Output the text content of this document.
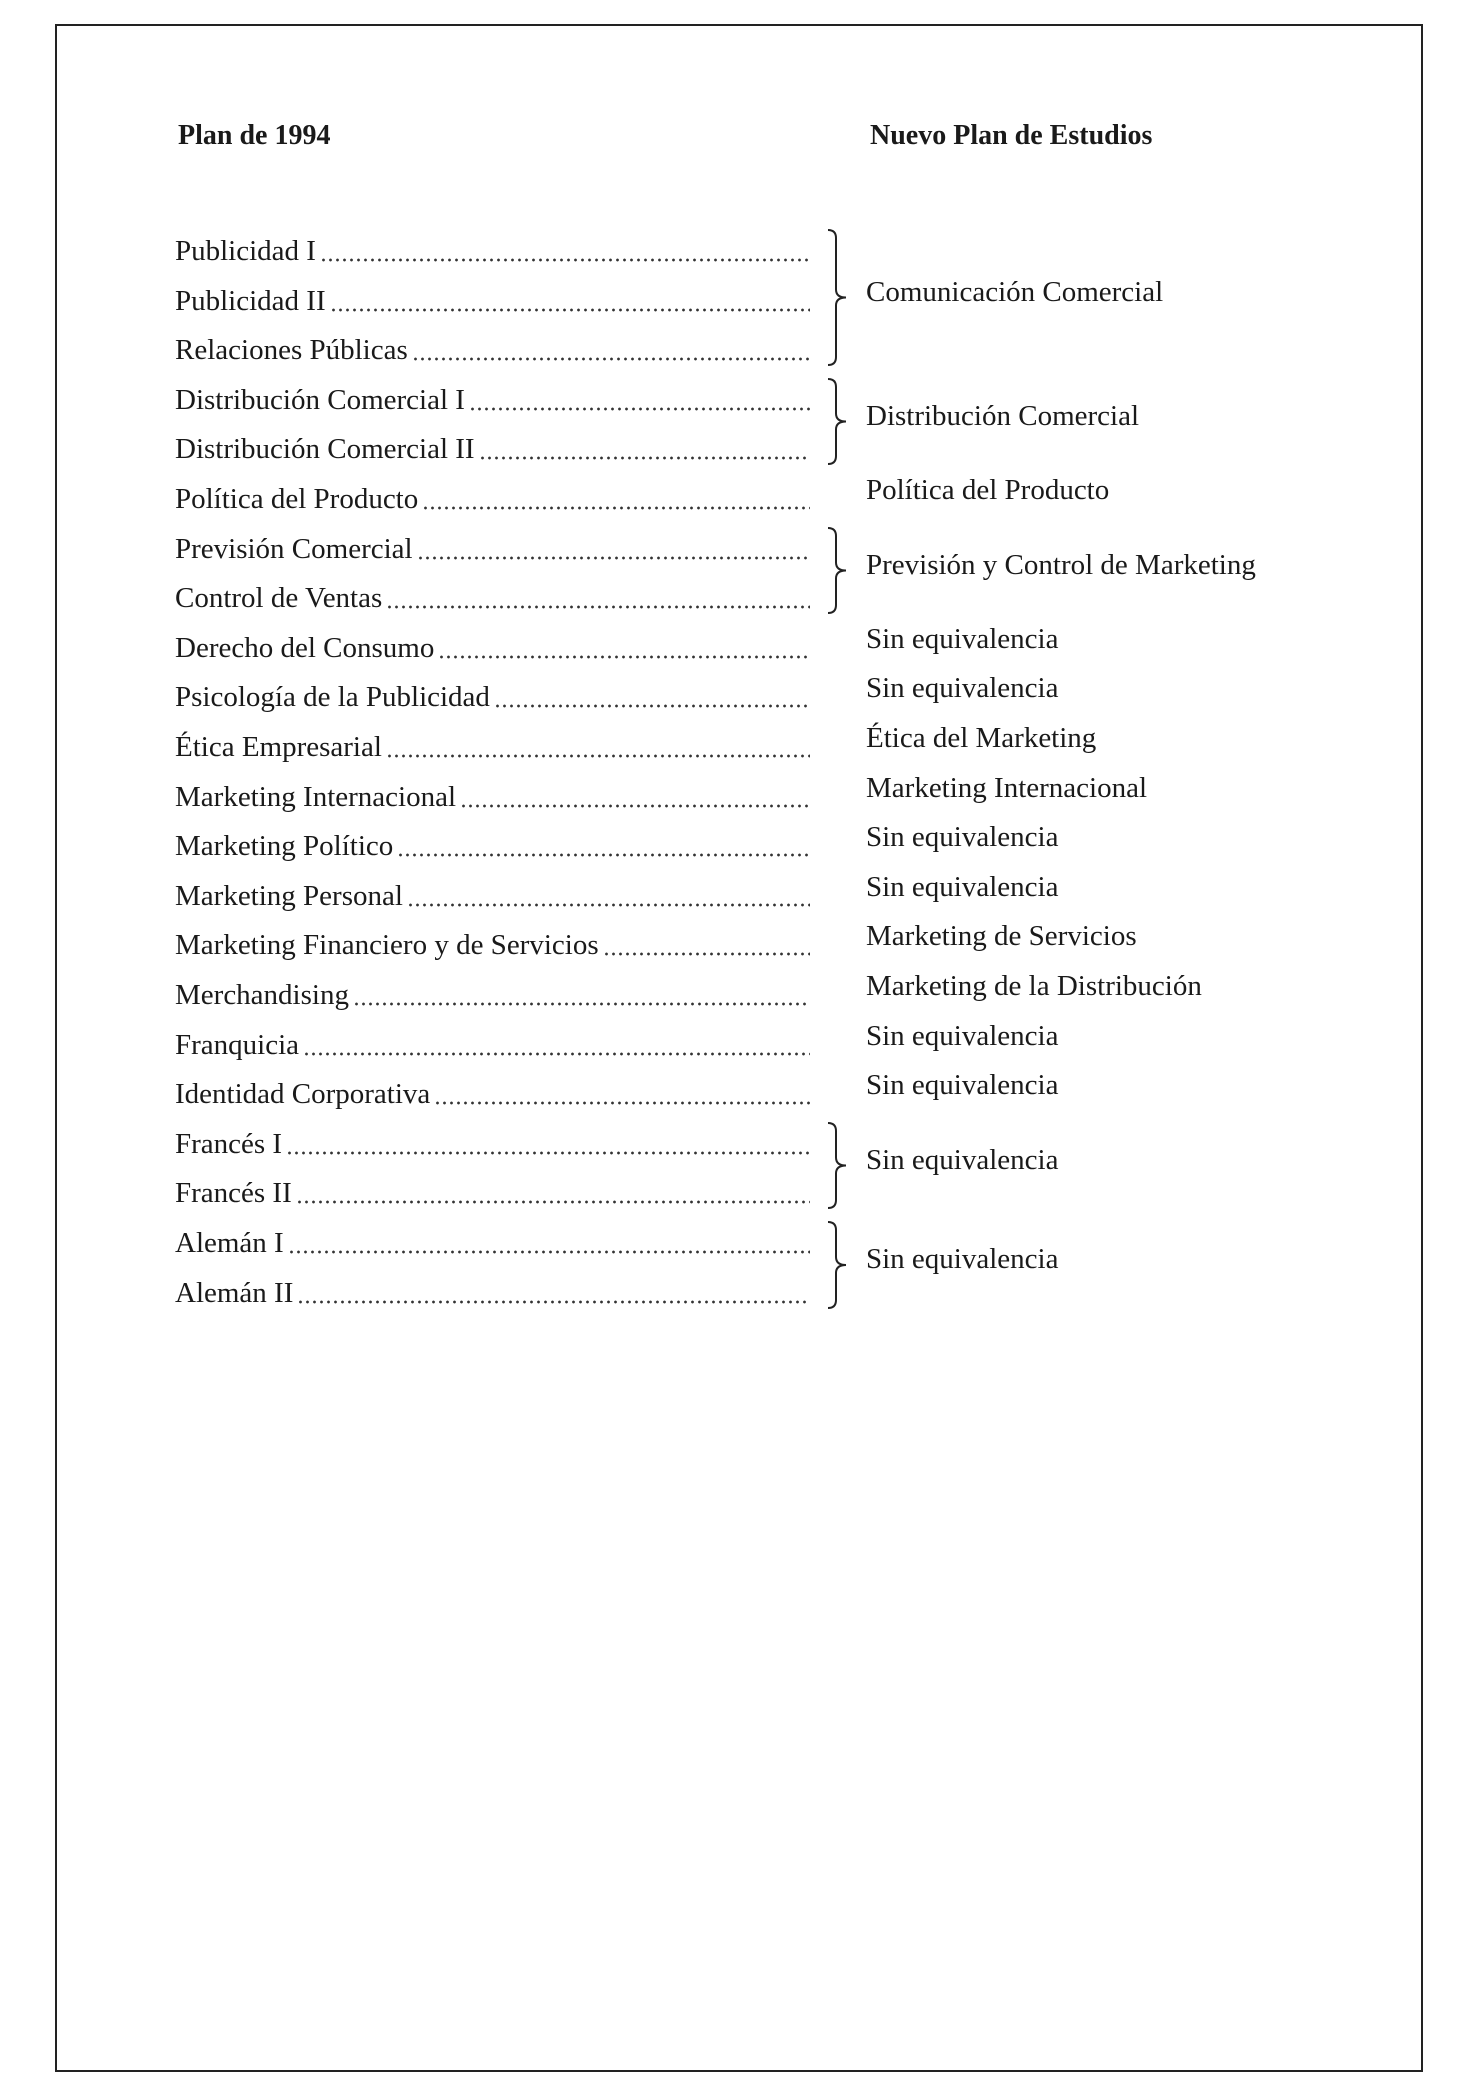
Plan de 1994	Nuevo Plan de Estudios
Publicidad I
Publicidad II
Relaciones Públicas
Distribución Comercial I
Distribución Comercial II
Política del Producto
Previsión Comercial
Control de Ventas
Derecho del Consumo
Psicología de la Publicidad
Ética Empresarial
Marketing Internacional
Marketing Político
Marketing Personal
Marketing Financiero y de Servicios
Merchandising
Franquicia
Identidad Corporativa
Francés I
Francés II
Alemán I
Alemán II
Comunicación Comercial
Distribución Comercial
Política del Producto
Previsión y Control de Marketing
Sin equivalencia
Sin equivalencia
Ética del Marketing
Marketing Internacional
Sin equivalencia
Sin equivalencia
Marketing de Servicios
Marketing de la Distribución
Sin equivalencia
Sin equivalencia
Sin equivalencia
Sin equivalencia
